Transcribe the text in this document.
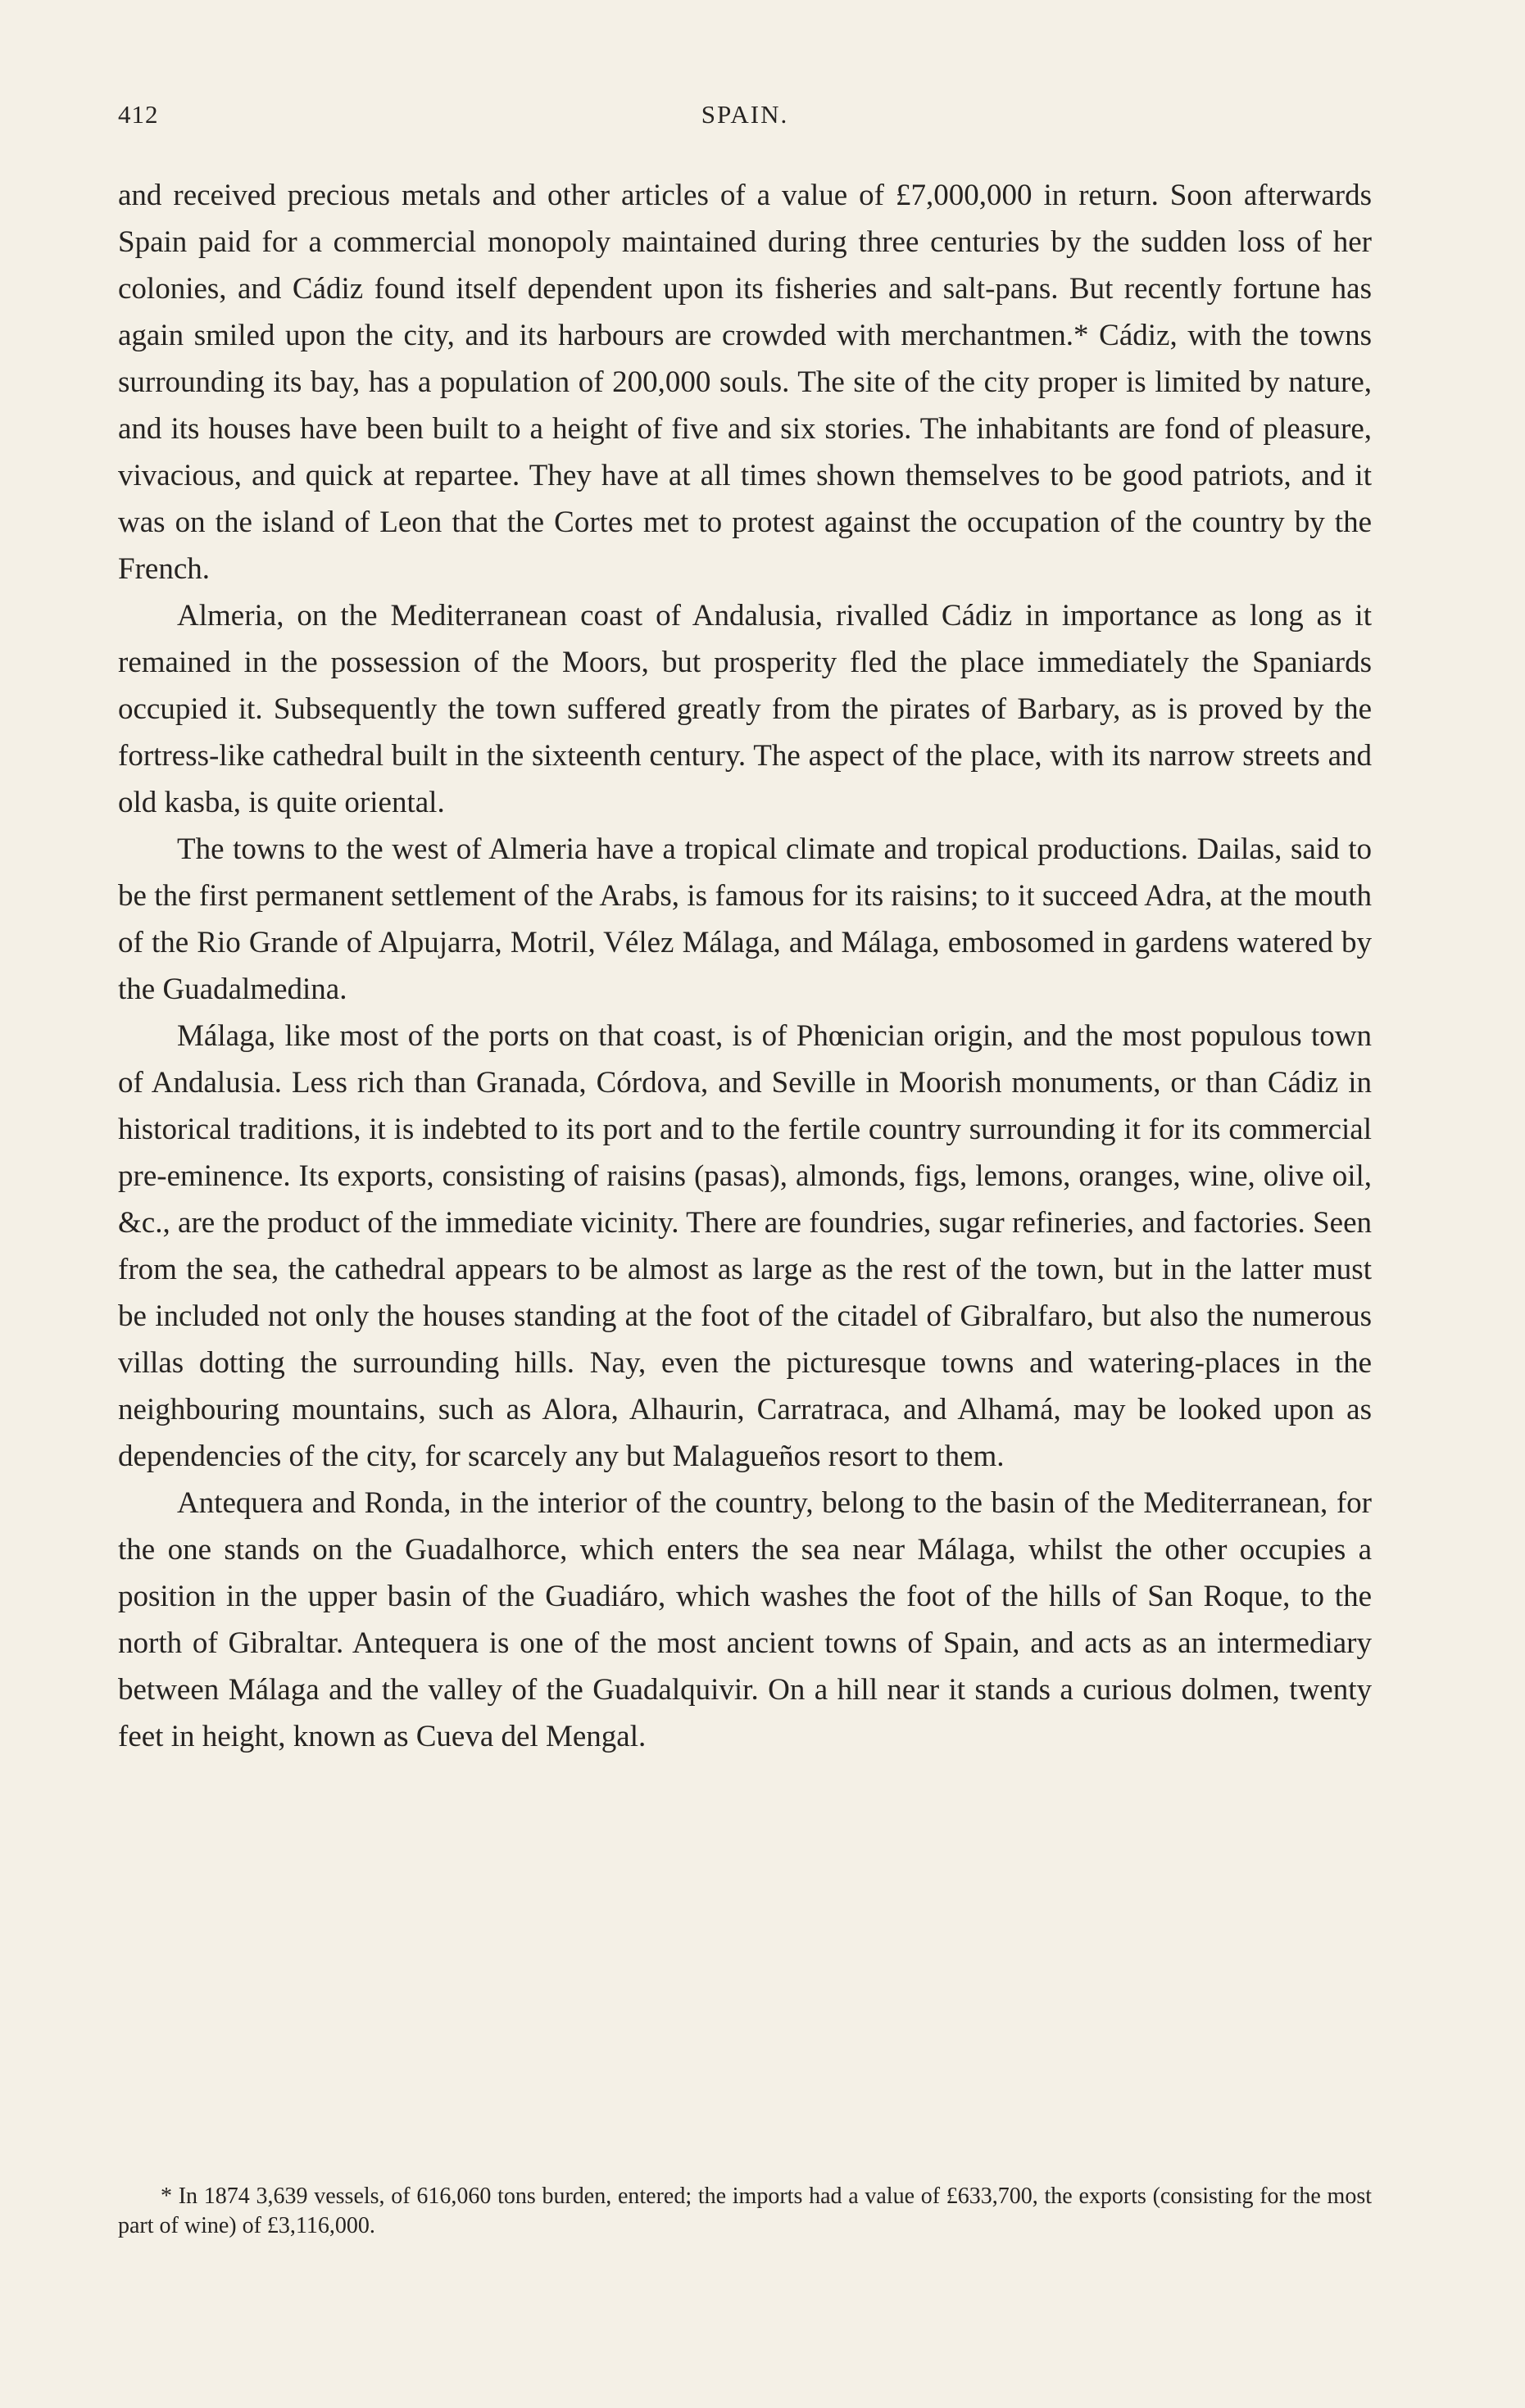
412	SPAIN.

and received precious metals and other articles of a value of £7,000,000 in return. Soon afterwards Spain paid for a commercial monopoly maintained during three centuries by the sudden loss of her colonies, and Cádiz found itself dependent upon its fisheries and salt-pans. But recently fortune has again smiled upon the city, and its harbours are crowded with merchantmen.* Cádiz, with the towns surrounding its bay, has a population of 200,000 souls. The site of the city proper is limited by nature, and its houses have been built to a height of five and six stories. The inhabitants are fond of pleasure, vivacious, and quick at repartee. They have at all times shown themselves to be good patriots, and it was on the island of Leon that the Cortes met to protest against the occupation of the country by the French.

Almeria, on the Mediterranean coast of Andalusia, rivalled Cádiz in importance as long as it remained in the possession of the Moors, but prosperity fled the place immediately the Spaniards occupied it. Subsequently the town suffered greatly from the pirates of Barbary, as is proved by the fortress-like cathedral built in the sixteenth century. The aspect of the place, with its narrow streets and old kasba, is quite oriental.

The towns to the west of Almeria have a tropical climate and tropical productions. Dailas, said to be the first permanent settlement of the Arabs, is famous for its raisins; to it succeed Adra, at the mouth of the Rio Grande of Alpujarra, Motril, Vélez Málaga, and Málaga, embosomed in gardens watered by the Guadalmedina.

Málaga, like most of the ports on that coast, is of Phœnician origin, and the most populous town of Andalusia. Less rich than Granada, Córdova, and Seville in Moorish monuments, or than Cádiz in historical traditions, it is indebted to its port and to the fertile country surrounding it for its commercial pre-eminence. Its exports, consisting of raisins (pasas), almonds, figs, lemons, oranges, wine, olive oil, &c., are the product of the immediate vicinity. There are foundries, sugar refineries, and factories. Seen from the sea, the cathedral appears to be almost as large as the rest of the town, but in the latter must be included not only the houses standing at the foot of the citadel of Gibralfaro, but also the numerous villas dotting the surrounding hills. Nay, even the picturesque towns and watering-places in the neighbouring mountains, such as Alora, Alhaurin, Carratraca, and Alhamá, may be looked upon as dependencies of the city, for scarcely any but Malagueños resort to them.

Antequera and Ronda, in the interior of the country, belong to the basin of the Mediterranean, for the one stands on the Guadalhorce, which enters the sea near Málaga, whilst the other occupies a position in the upper basin of the Guadiáro, which washes the foot of the hills of San Roque, to the north of Gibraltar. Antequera is one of the most ancient towns of Spain, and acts as an intermediary between Málaga and the valley of the Guadalquivir. On a hill near it stands a curious dolmen, twenty feet in height, known as Cueva del Mengal.

* In 1874 3,639 vessels, of 616,060 tons burden, entered; the imports had a value of £633,700, the exports (consisting for the most part of wine) of £3,116,000.
